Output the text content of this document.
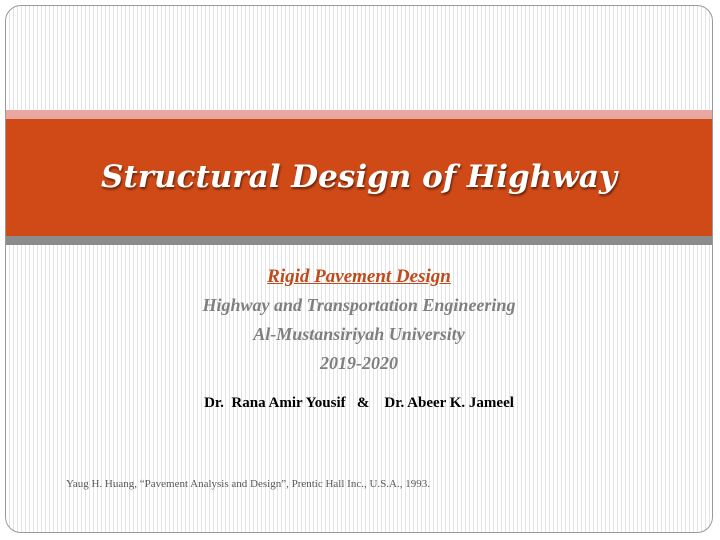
Structural Design of Highway
Rigid Pavement Design
Highway and Transportation Engineering
Al-Mustansiriyah University
2019-2020
Dr.  Rana Amir Yousif   &    Dr. Abeer K. Jameel
Yaug H. Huang, “Pavement Analysis and Design”, Prentic Hall Inc., U.S.A., 1993.
